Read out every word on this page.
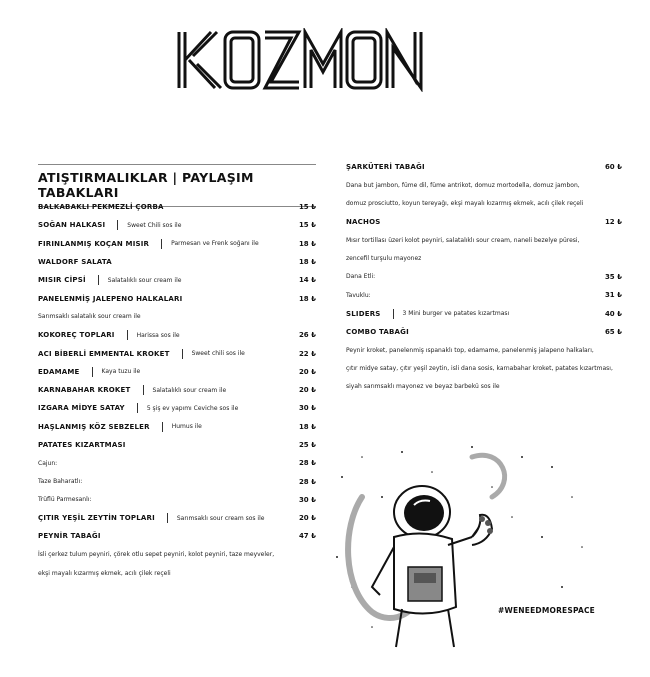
ATIŞTIRMALIKLAR | PAYLAŞIM TABAKLARI
BALKABAKLI PEKMEZLİ ÇORBA	15 ₺
SOĞAN HALKASI	Sweet Chili sos ile	15 ₺
FIRINLANMIŞ KOÇAN MISIR	Parmesan ve Frenk soğanı ile	18 ₺
WALDORF SALATA	18 ₺
MISIR CİPSİ	Salatalıklı sour cream ile	14 ₺
PANELENMİŞ JALEPENO HALKALARI	18 ₺
Sarımsaklı salatalık sour cream ile
KOKOREÇ TOPLARI	Harissa sos ile	26 ₺
ACI BİBERLİ EMMENTAL KROKET	Sweet chili sos ile	22 ₺
EDAMAME	Kaya tuzu ile	20 ₺
KARNABAHAR KROKET	Salatalıklı sour cream ile	20 ₺
IZGARA MİDYE SATAY	5 şiş ev yapımı Ceviche sos ile	30 ₺
HAŞLANMIŞ KÖZ SEBZELER	Humus ile	18 ₺
PATATES KIZARTMASI	25 ₺
Cajun:	28 ₺
Taze Baharatlı:	28 ₺
Trüflü Parmesanlı:	30 ₺
ÇITIR YEŞİL ZEYTİN TOPLARI	Sarımsaklı sour cream sos ile	20 ₺
PEYNİR TABAĞI	47 ₺
İsli çerkez tulum peyniri, çörek otlu sepet peyniri, kolot peyniri, taze meyveler,
ekşi mayalı kızarmış ekmek, acılı çilek reçeli
ŞARKÜTERİ TABAĞI	60 ₺
Dana but jambon, füme dil, füme antrikot, domuz mortodella, domuz jambon,
domuz prosciutto, koyun tereyağı, ekşi mayalı kızarmış ekmek, acılı çilek reçeli
NACHOS	12 ₺
Mısır tortillası üzeri kolot peyniri, salatalıklı sour cream, naneli bezelye püresi,
zencefil turşulu mayonez
Dana Etli:	35 ₺
Tavuklu:	31 ₺
SLIDERS	3 Mini burger ve patates kızartması	40 ₺
COMBO TABAĞI	65 ₺
Peynir kroket, panelenmiş ıspanaklı top, edamame, panelenmiş jalapeno halkaları,
çıtır midye satay, çıtır yeşil zeytin, isli dana sosis, karnabahar kroket, patates kızartması,
siyah sarımsaklı mayonez ve beyaz barbekü sos ile
#WENEEDMORESPACE
